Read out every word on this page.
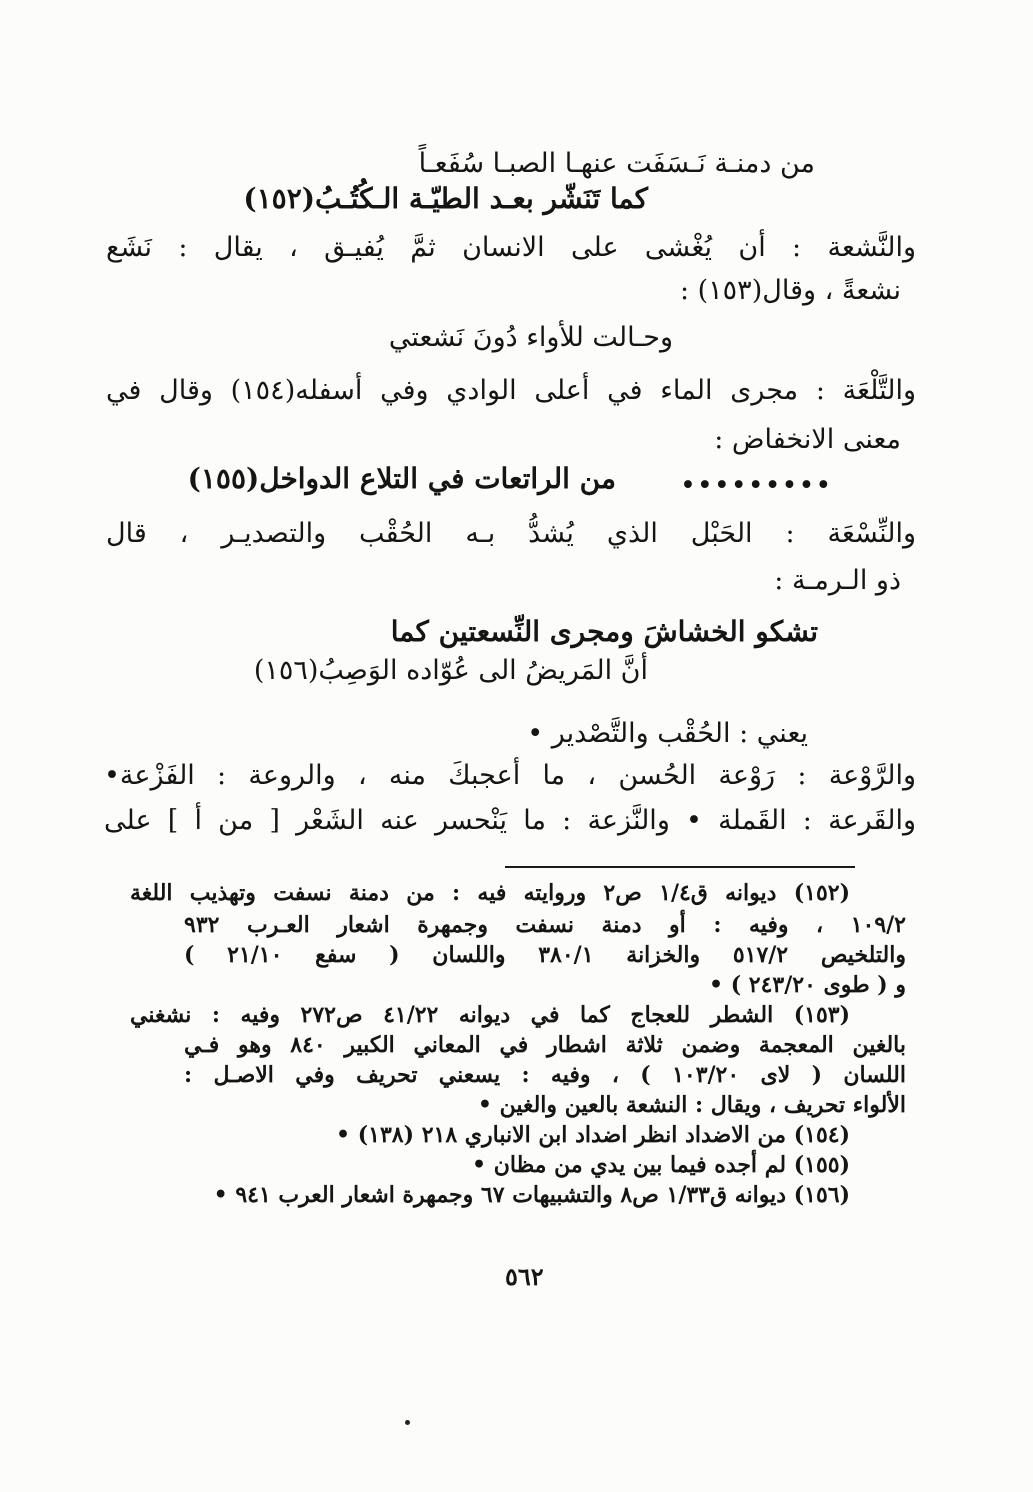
من دمنـة نَـسَفَت عنهـا الصبـا سُفَعـاً
كما تَنَشّر بعـد الطيّـة الـكُتُـبُ(١٥٢)
والنَّشعة : أن يُغْشى على الانسان ثمَّ يُفيـق ، يقال : نَشَع
نشعةً ، وقال(١٥٣) :
وحـالت للأواء دُونَ نَشعتي
والتَّلْعَة : مجرى الماء في أعلى الوادي وفي أسفله(١٥٤) وقال في
معنى الانخفاض :
•••••••••
من الراتعات في التلاع الدواخل(١٥٥)
والنِّسْعَة : الحَبْل الذي يُشدُّ بـه الحُقْب والتصديـر ، قال
ذو الـرمـة :
تشكو الخشاشَ ومجرى النِّسعتين كما
أنَّ المَريضُ الى عُوّاده الوَصِبُ(١٥٦)
يعني : الحُقْب والتَّصْدير •
والرَّوْعة : رَوْعة الحُسن ، ما أعجبكَ منه ، والروعة : الفَزْعة•
والقَرعة : القَملة • والنَّزعة : ما يَنْحسر عنه الشَعْر [ من أ ] على
(١٥٢) ديوانه ق١/٤ ص٢ وروايته فيه : من دمنة نسفت وتهذيب اللغة
١٠٩/٢ ، وفيه : أو دمنة نسفت وجمهرة اشعار العـرب ٩٣٢
والتلخيص ٥١٧/٢ والخزانة ٣٨٠/١ واللسان ( سفع ٢١/١٠ )
و ( طوى ٢٤٣/٢٠ ) •
(١٥٣) الشطر للعجاج كما في ديوانه ٤١/٢٢ ص٢٧٢ وفيه : نشغني
بالغين المعجمة وضمن ثلاثة اشطار في المعاني الكبير ٨٤٠ وهو فـي
اللسان ( لاى ١٠٣/٢٠ ) ، وفيه : يسعني تحريف وفي الاصـل :
الألواء تحريف ، ويقال : النشعة بالعين والغين •
(١٥٤) من الاضداد انظر اضداد ابن الانباري ٢١٨ (١٣٨) •
(١٥٥) لم أجده فيما بين يدي من مظان •
(١٥٦) ديوانه ق١/٣٣ ص٨ والتشبيهات ٦٧ وجمهرة اشعار العرب ٩٤١ •
٥٦٢
